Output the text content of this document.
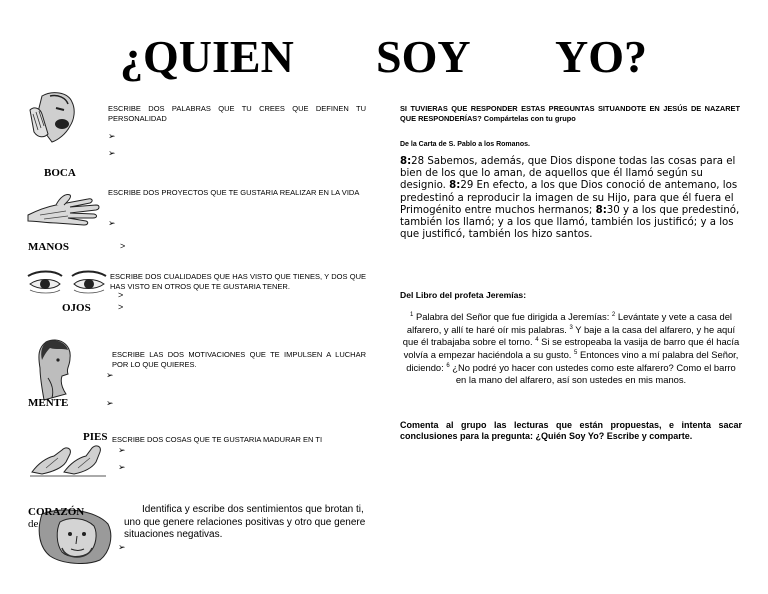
¿QUIEN SOY YO?
ESCRIBE DOS PALABRAS QUE TU CREES QUE DEFINEN TU PERSONALIDAD
➢
➢
BOCA
ESCRIBE DOS PROYECTOS QUE TE GUSTARIA REALIZAR EN LA VIDA
➢
MANOS	>
ESCRIBE DOS CUALIDADES QUE HAS VISTO QUE TIENES, Y DOS QUE HAS VISTO EN OTROS QUE TE GUSTARIA TENER.
>
OJOS	>
ESCRIBE LAS DOS MOTIVACIONES QUE TE IMPULSEN A LUCHAR POR LO QUE QUIERES.
➢
MENTE	➢
PIES ESCRIBE DOS COSAS QUE TE GUSTARIA MADURAR EN TI
➢
➢
CORAZÓN
de
Identifica y escribe dos sentimientos que brotan ti, uno que genere relaciones positivas y otro que genere situaciones negativas.
➢
SI TUVIERAS QUE RESPONDER ESTAS PREGUNTAS SITUANDOTE EN JESÚS DE NAZARET QUE RESPONDERÍAS? Compártelas con tu grupo
De la Carta de S. Pablo a los Romanos.
8:28 Sabemos, además, que Dios dispone todas las cosas para el bien de los que lo aman, de aquellos que él llamó según su designio. 8:29 En efecto, a los que Dios conoció de antemano, los predestinó a reproducir la imagen de su Hijo, para que él fuera el Primogénito entre muchos hermanos; 8:30 y a los que predestinó, también los llamó; y a los que llamó, también los justificó; y a los que justificó, también los hizo santos.
Del Libro del profeta Jeremías:
$^1$ Palabra del Señor que fue dirigida a Jeremías: $^2$ Levántate y vete a casa del alfarero, y allí te haré oír mis palabras. $^3$ Y baje a la casa del alfarero, y he aquí que él trabajaba sobre el torno. $^4$ Si se estropeaba la vasija de barro que él hacía volvía a empezar haciéndola a su gusto. $^5$ Entonces vino a mí palabra del Señor, diciendo: $^6$ ¿No podré yo hacer con ustedes como este alfarero? Como el barro en la mano del alfarero, así son ustedes en mis manos.
Comenta al grupo las lecturas que están propuestas, e intenta sacar conclusiones para la pregunta: ¿Quién Soy Yo? Escribe y comparte.
